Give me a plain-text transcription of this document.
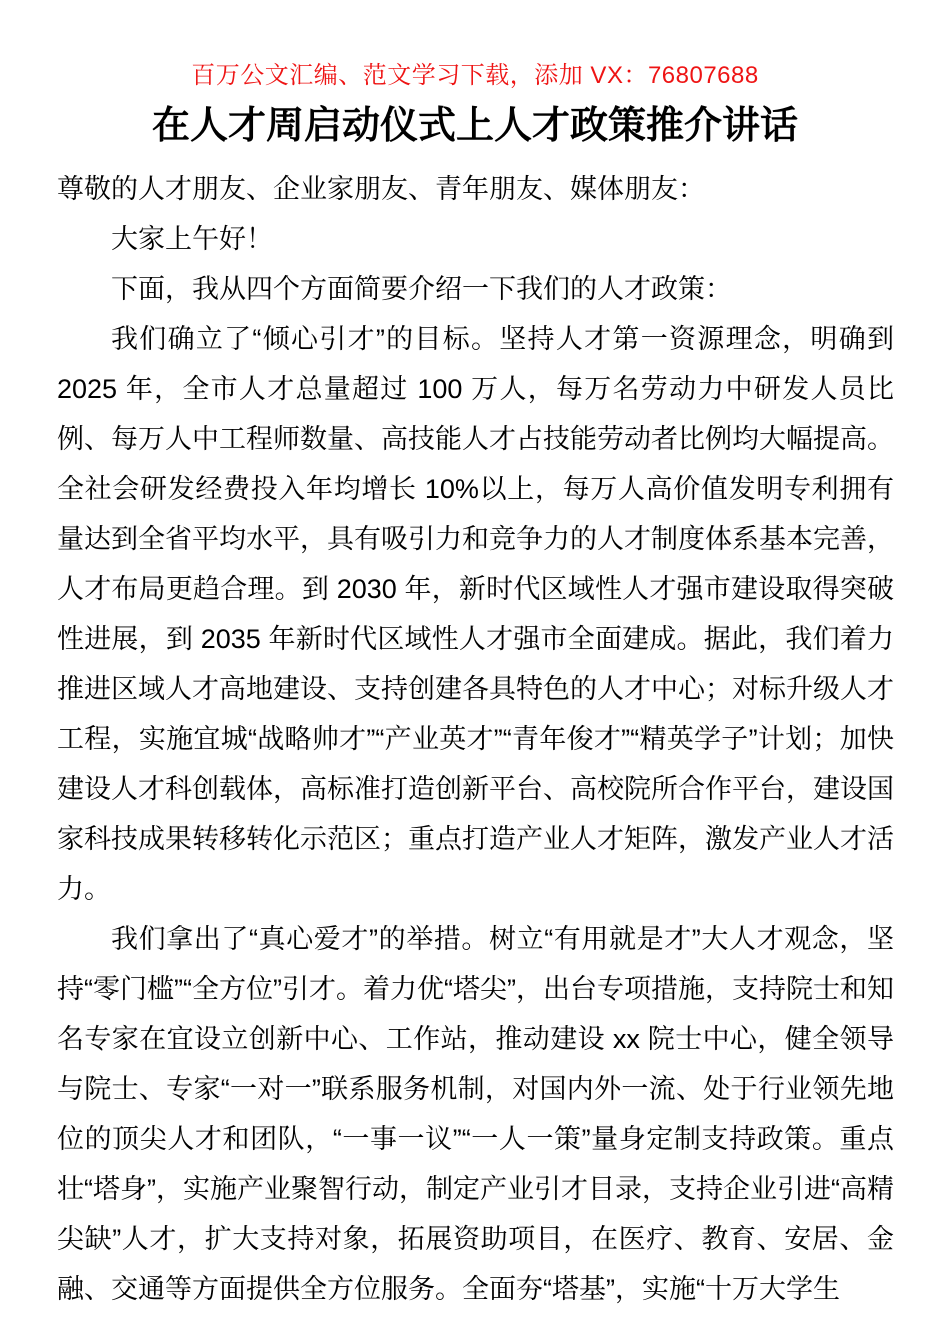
百万公文汇编、范文学习下载，添加 VX：76807688
在人才周启动仪式上人才政策推介讲话

尊敬的人才朋友、企业家朋友、青年朋友、媒体朋友：

大家上午好！

下面，我从四个方面简要介绍一下我们的人才政策：

我们确立了“倾心引才”的目标。坚持人才第一资源理念，明确到 2025 年，全市人才总量超过 100 万人，每万名劳动力中研发人员比例、每万人中工程师数量、高技能人才占技能劳动者比例均大幅提高。全社会研发经费投入年均增长 10%以上，每万人高价值发明专利拥有量达到全省平均水平，具有吸引力和竞争力的人才制度体系基本完善，人才布局更趋合理。到 2030 年，新时代区域性人才强市建设取得突破性进展，到 2035 年新时代区域性人才强市全面建成。据此，我们着力推进区域人才高地建设、支持创建各具特色的人才中心；对标升级人才工程，实施宜城“战略帅才”“产业英才”“青年俊才”“精英学子”计划；加快建设人才科创载体，高标准打造创新平台、高校院所合作平台，建设国家科技成果转移转化示范区；重点打造产业人才矩阵，激发产业人才活力。

我们拿出了“真心爱才”的举措。树立“有用就是才”大人才观念，坚持“零门槛”“全方位”引才。着力优“塔尖”，出台专项措施，支持院士和知名专家在宜设立创新中心、工作站，推动建设 xx 院士中心，健全领导与院士、专家“一对一”联系服务机制，对国内外一流、处于行业领先地位的顶尖人才和团队，“一事一议”“一人一策”量身定制支持政策。重点壮“塔身”，实施产业聚智行动，制定产业引才目录，支持企业引进“高精尖缺”人才，扩大支持对象，拓展资助项目，在医疗、教育、安居、金融、交通等方面提供全方位服务。全面夯“塔基”，实施“十万大学生
